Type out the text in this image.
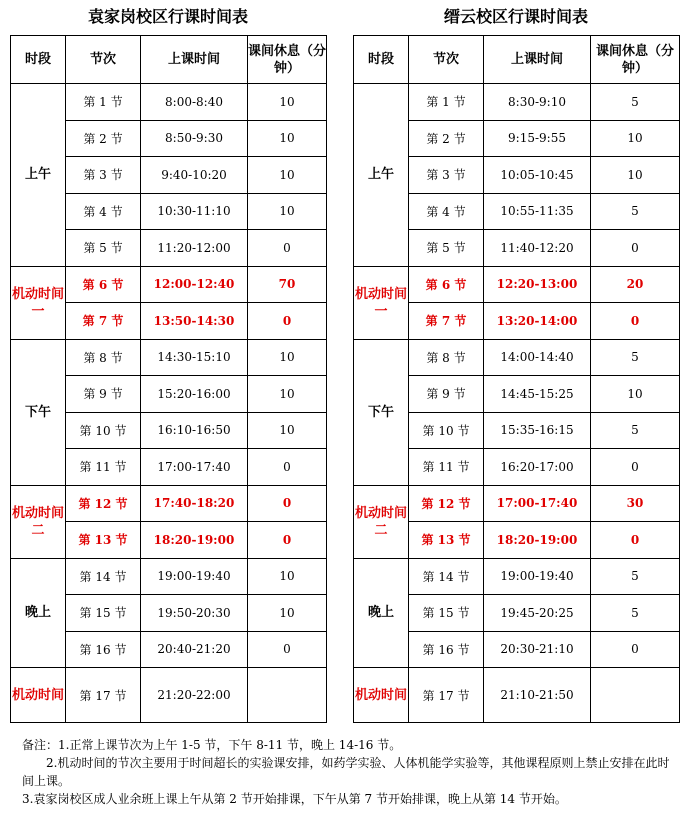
袁家岗校区行课时间表	缙云校区行课时间表
时段	节次	上课时间	课间休息（分钟）
上午	第 1 节	8:00-8:40	10
	第 2 节	8:50-9:30	10
	第 3 节	9:40-10:20	10
	第 4 节	10:30-11:10	10
	第 5 节	11:20-12:00	0
机动时间一	第 6 节	12:00-12:40	70
	第 7 节	13:50-14:30	0
下午	第 8 节	14:30-15:10	10
	第 9 节	15:20-16:00	10
	第 10 节	16:10-16:50	10
	第 11 节	17:00-17:40	0
机动时间二	第 12 节	17:40-18:20	0
	第 13 节	18:20-19:00	0
晚上	第 14 节	19:00-19:40	10
	第 15 节	19:50-20:30	10
	第 16 节	20:40-21:20	0
机动时间	第 17 节	21:20-22:00	
时段	节次	上课时间	课间休息（分钟）
上午	第 1 节	8:30-9:10	5
	第 2 节	9:15-9:55	10
	第 3 节	10:05-10:45	10
	第 4 节	10:55-11:35	5
	第 5 节	11:40-12:20	0
机动时间一	第 6 节	12:20-13:00	20
	第 7 节	13:20-14:00	0
下午	第 8 节	14:00-14:40	5
	第 9 节	14:45-15:25	10
	第 10 节	15:35-16:15	5
	第 11 节	16:20-17:00	0
机动时间二	第 12 节	17:00-17:40	30
	第 13 节	18:20-19:00	0
晚上	第 14 节	19:00-19:40	5
	第 15 节	19:45-20:25	5
	第 16 节	20:30-21:10	0
机动时间	第 17 节	21:10-21:50	

备注：1.正常上课节次为上午 1-5 节，下午 8-11 节，晚上 14-16 节。

2.机动时间的节次主要用于时间超长的实验课安排，如药学实验、人体机能学实验等，其他课程原则上禁止安排在此时间上课。

3.袁家岗校区成人业余班上课上午从第 2 节开始排课，下午从第 7 节开始排课，晚上从第 14 节开始。
